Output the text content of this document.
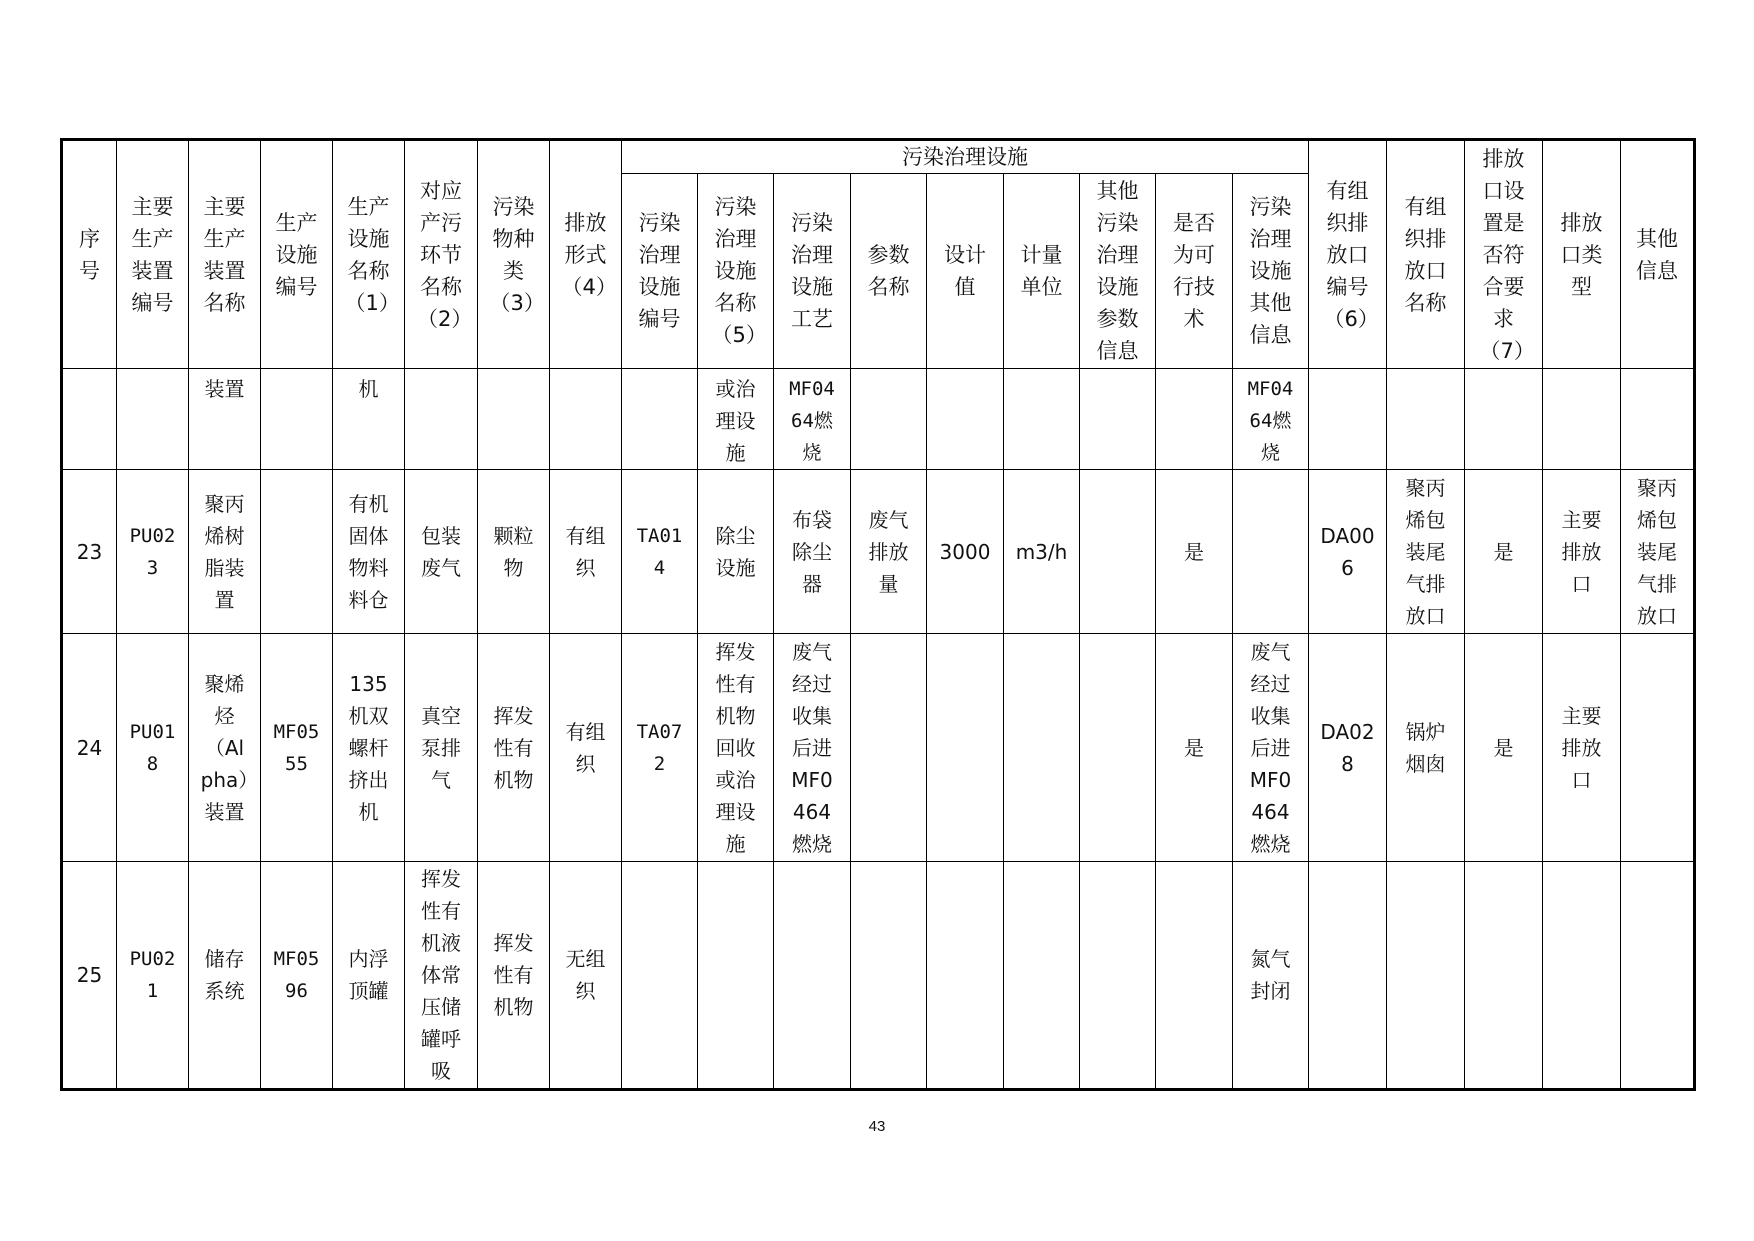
序号	主要生产装置编号	主要生产装置名称	生产设施编号	生产设施名称（1）	对应产污环节名称（2）	污染物种类（3）	排放形式（4）	污染治理设施									有组织排放口编号（6）	有组织排放口名称	排放口设置是否符合要求（7）	排放口类型	其他信息

								污染治理设施编号	污染治理设施名称（5）	污染治理设施工艺	参数名称	设计值	计量单位	其他污染治理设施参数信息	是否为可行技术	污染治理设施其他信息					

		装置		机					或治理设施	MF0464燃烧						MF0464燃烧					

23	PU023	聚丙烯树脂装置		有机固体物料料仓	包装废气	颗粒物	有组织	TA014	除尘设施	布袋除尘器	废气排放量	3000	m3/h		是		DA006	聚丙烯包装尾气排放口	是	主要排放口	聚丙烯包装尾气排放口

24	PU018	聚烯烃（Alpha）装置	MF0555	135机双螺杆挤出机	真空泵排气	挥发性有机物	有组织	TA072	挥发性有机物回收或治理设施	废气经过收集后进MF0464燃烧					是	废气经过收集后进MF0464燃烧	DA028	锅炉烟囱	是	主要排放口	

25	PU021	储存系统	MF0596	内浮顶罐	挥发性有机液体常压储罐呼吸	挥发性有机物	无组织									氮气封闭					

43
